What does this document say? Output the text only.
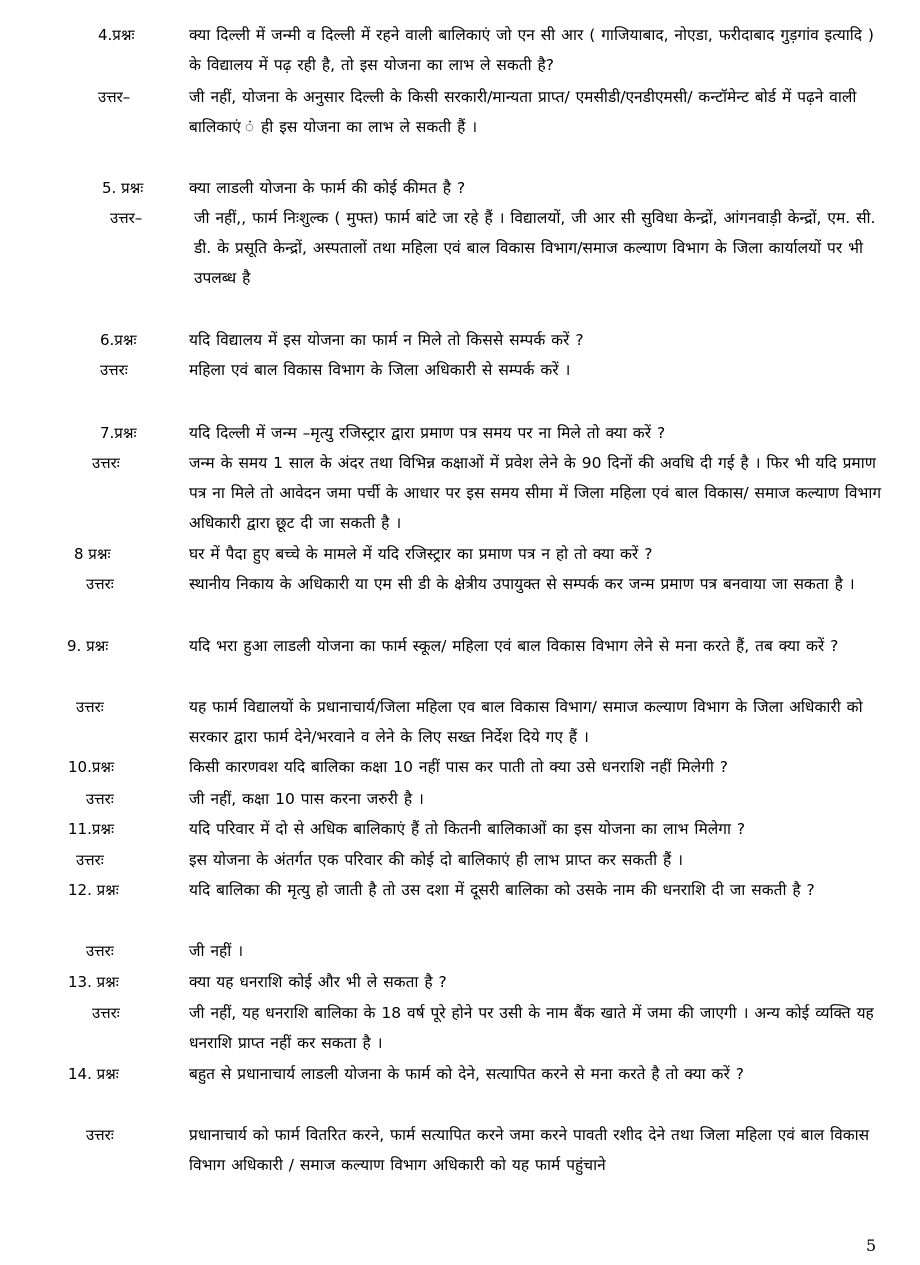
4.प्रश्नः	क्या दिल्ली में जन्मी व दिल्ली में रहने वाली बालिकाएं जो एन सी आर ( गाजियाबाद, नोएडा, फरीदाबाद गुड़गांव इत्यादि ) के विद्यालय में पढ़ रही है, तो इस योजना का लाभ ले सकती है?
उत्तर–	जी नहीं, योजना के अनुसार दिल्ली के किसी सरकारी/मान्यता प्राप्त/ एमसीडी/एनडीएमसी/ कन्टॉमेन्ट बोर्ड में पढ़ने वाली बालिकाएं ं ही इस योजना का लाभ ले सकती हैं ।
5. प्रश्नः	क्या लाडली योजना के फार्म की कोई कीमत है ?
उत्तर–	जी नहीं,, फार्म निःशुल्क ( मुफ्त) फार्म बांटे जा रहे हैं । विद्यालयों, जी आर सी सुविधा केन्द्रों, आंगनवाड़ी केन्द्रों, एम. सी. डी. के प्रसूति केन्द्रों, अस्पतालों तथा महिला एवं बाल विकास विभाग/समाज कल्याण विभाग के जिला कार्यालयों पर भी उपलब्ध है
6.प्रश्नः	यदि विद्यालय में इस योजना का फार्म न मिले तो किससे सम्पर्क करें ?
उत्तरः	महिला एवं बाल विकास विभाग के जिला अधिकारी से सम्पर्क करें ।
7.प्रश्नः	यदि दिल्ली में जन्म –मृत्यु रजिस्ट्रार द्वारा प्रमाण पत्र समय पर ना मिले तो क्या करें ?
उत्तरः	जन्म के समय 1 साल के अंदर तथा विभिन्न कक्षाओं में प्रवेश लेने के 90 दिनों की अवधि दी गई है । फिर भी यदि प्रमाण पत्र ना मिले तो आवेदन जमा पर्ची के आधार पर इस समय सीमा में जिला महिला एवं बाल विकास/ समाज कल्याण विभाग अधिकारी द्वारा छूट दी जा सकती है ।
8 प्रश्नः	घर में पैदा हुए बच्चे के मामले में यदि रजिस्ट्रार का प्रमाण पत्र न हो तो क्या करें ?
उत्तरः	स्थानीय निकाय के अधिकारी या एम सी डी के क्षेत्रीय उपायुक्त से सम्पर्क कर जन्म प्रमाण पत्र बनवाया जा सकता है ।
9. प्रश्नः	यदि भरा हुआ लाडली योजना का फार्म स्कूल/ महिला एवं बाल विकास विभाग लेने से मना करते हैं, तब क्या करें ?
उत्तरः	यह फार्म विद्यालयों के प्रधानाचार्य/जिला महिला एव बाल विकास विभाग/ समाज कल्याण विभाग के जिला अधिकारी को सरकार द्वारा फार्म देने/भरवाने व लेने के लिए सख्त निर्देश दिये गए हैं ।
10.प्रश्नः	किसी कारणवश यदि बालिका कक्षा 10 नहीं पास कर पाती तो क्या उसे धनराशि नहीं मिलेगी ?
उत्तरः	जी नहीं, कक्षा 10 पास करना जरुरी है ।
11.प्रश्नः	यदि परिवार में दो से अधिक बालिकाएं हैं तो कितनी बालिकाओं का इस योजना का लाभ मिलेगा ?
उत्तरः	इस योजना के अंतर्गत एक परिवार की कोई दो बालिकाएं ही लाभ प्राप्त कर सकती हैं ।
12. प्रश्नः	यदि बालिका की मृत्यु हो जाती है तो उस दशा में दूसरी बालिका को उसके नाम की धनराशि दी जा सकती है ?
उत्तरः	जी नहीं ।
13. प्रश्नः	क्या यह धनराशि कोई और भी ले सकता है ?
उत्तरः	जी नहीं, यह धनराशि बालिका के 18 वर्ष पूरे होने पर उसी के नाम बैंक खाते में जमा की जाएगी । अन्य कोई व्यक्ति यह धनराशि प्राप्त नहीं कर सकता है ।
14. प्रश्नः	बहुत से प्रधानाचार्य लाडली योजना के फार्म को देने, सत्यापित करने से मना करते है तो क्या करें ?
उत्तरः	प्रधानाचार्य को फार्म वितरित करने, फार्म सत्यापित करने जमा करने पावती रशीद देने तथा जिला महिला एवं बाल विकास विभाग अधिकारी / समाज कल्याण विभाग अधिकारी को यह फार्म पहुंचाने
5
